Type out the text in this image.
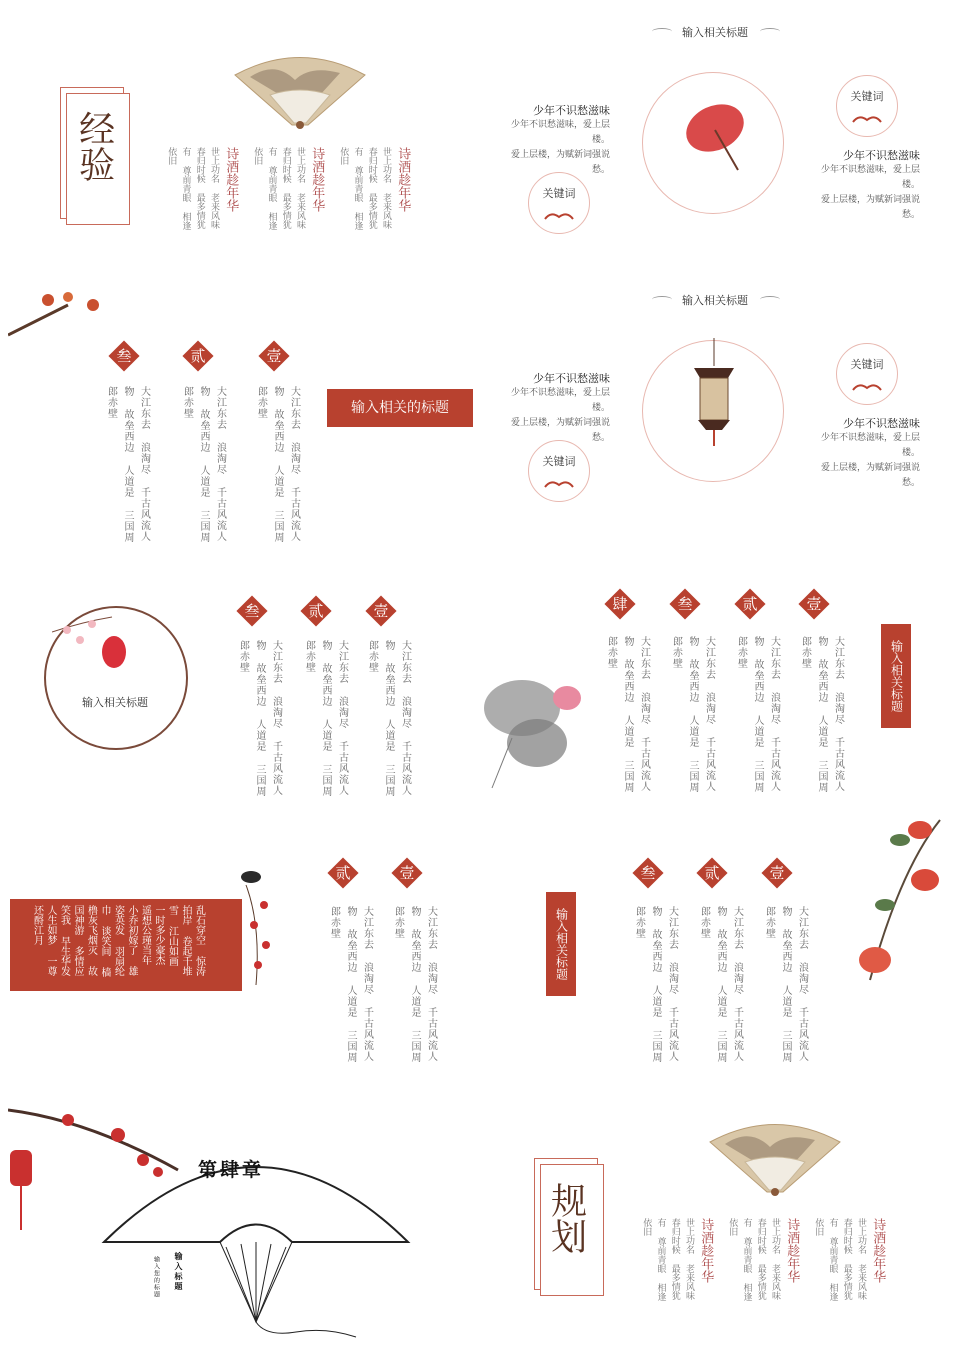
经验	依旧 有 尊前青眼 相逢 春归时候 最多情犹 世上功名 老来风味 诗酒趁年华 依旧 有 尊前青眼 相逢 春归时候 最多情犹 世上功名 老来风味 诗酒趁年华 依旧 有 尊前青眼 相逢 春归时候 最多情犹 世上功名 老来风味 诗酒趁年华
输入相关标题
少年不识愁滋味
少年不识愁滋味，爱上层楼。
爱上层楼，为赋新词强说愁。
关键词
关键词
少年不识愁滋味
少年不识愁滋味，爱上层楼。
爱上层楼，为赋新词强说愁。
叁
郎赤壁 物 故垒西边 人道是 三国周 大江东去 浪淘尽 千古风流人
贰
郎赤壁 物 故垒西边 人道是 三国周 大江东去 浪淘尽 千古风流人
壹
郎赤壁 物 故垒西边 人道是 三国周 大江东去 浪淘尽 千古风流人	输入相关的标题
输入相关标题
少年不识愁滋味
少年不识愁滋味，爱上层楼。
爱上层楼，为赋新词强说愁。
关键词
关键词
少年不识愁滋味
少年不识愁滋味，爱上层楼。
爱上层楼，为赋新词强说愁。
输入相关标题
叁
郎赤壁 物 故垒西边 人道是 三国周 大江东去 浪淘尽 千古风流人
贰
郎赤壁 物 故垒西边 人道是 三国周 大江东去 浪淘尽 千古风流人
壹
郎赤壁 物 故垒西边 人道是 三国周 大江东去 浪淘尽 千古风流人
肆
郎赤壁 物 故垒西边 人道是 三国周 大江东去 浪淘尽 千古风流人
叁
郎赤壁 物 故垒西边 人道是 三国周 大江东去 浪淘尽 千古风流人
贰
郎赤壁 物 故垒西边 人道是 三国周 大江东去 浪淘尽 千古风流人
壹
郎赤壁 物 故垒西边 人道是 三国周 大江东去 浪淘尽 千古风流人	输入相关标题
乱石穿空 惊涛
拍岸 卷起千堆
雪 江山如画
一时多少豪杰
遥想公瑾当年
小乔初嫁了 雄
姿英发 羽扇纶
巾 谈笑间 樯
橹灰飞烟灭 故
国神游 多情应
笑我 早生华发
人生如梦 一尊
还酹江月
贰
郎赤壁 物 故垒西边 人道是 三国周 大江东去 浪淘尽 千古风流人
壹
郎赤壁 物 故垒西边 人道是 三国周 大江东去 浪淘尽 千古风流人	输入相关标题
叁
郎赤壁 物 故垒西边 人道是 三国周 大江东去 浪淘尽 千古风流人
贰
郎赤壁 物 故垒西边 人道是 三国周 大江东去 浪淘尽 千古风流人
壹
郎赤壁 物 故垒西边 人道是 三国周 大江东去 浪淘尽 千古风流人
第肆章
输入标题
输入您的标题
规划	依旧 有 尊前青眼 相逢 春归时候 最多情犹 世上功名 老来风味 诗酒趁年华 依旧 有 尊前青眼 相逢 春归时候 最多情犹 世上功名 老来风味 诗酒趁年华 依旧 有 尊前青眼 相逢 春归时候 最多情犹 世上功名 老来风味 诗酒趁年华
